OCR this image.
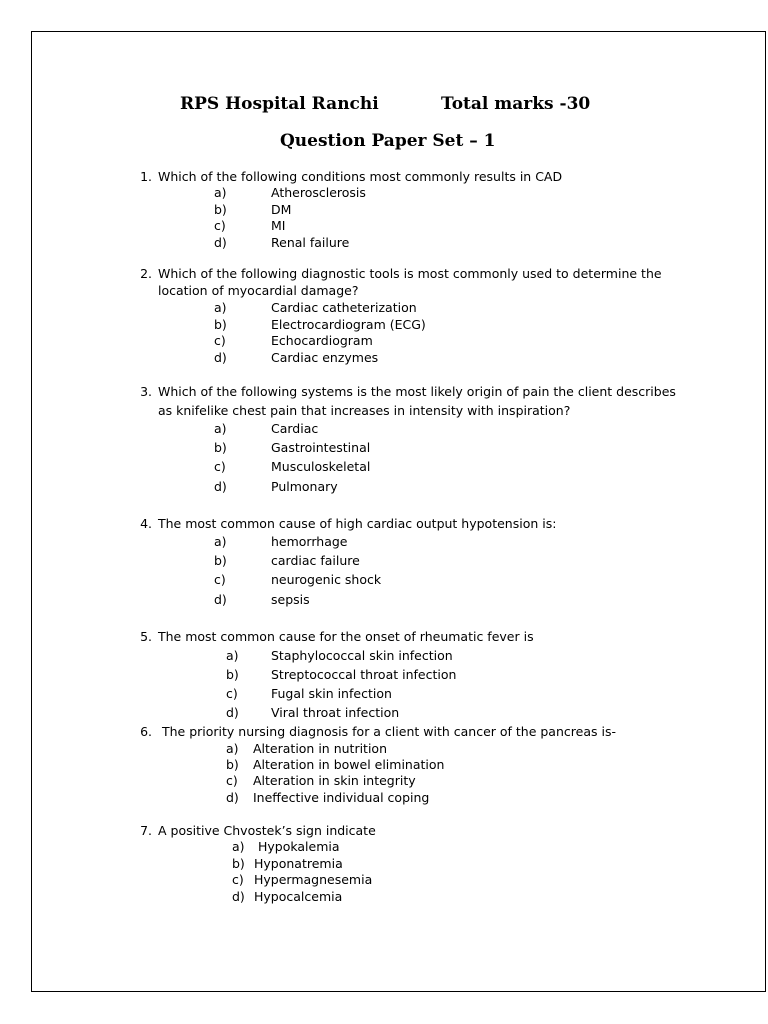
RPS Hospital Ranchi	Total marks -30
Question Paper Set – 1
1. Which of the following conditions most commonly results in CAD
a)	Atherosclerosis
b)	DM
c)	MI
d)	Renal failure
2. Which of the following diagnostic tools is most commonly used to determine the location of myocardial damage?
a)	Cardiac catheterization
b)	Electrocardiogram (ECG)
c)	Echocardiogram
d)	Cardiac enzymes
3. Which of the following systems is the most likely origin of pain the client describes as knifelike chest pain that increases in intensity with inspiration?
a)	Cardiac
b)	Gastrointestinal
c)	Musculoskeletal
d)	Pulmonary
4. The most common cause of high cardiac output hypotension is:
a)	hemorrhage
b)	cardiac failure
c)	neurogenic shock
d)	sepsis
5. The most common cause for the onset of rheumatic fever is
a)	Staphylococcal skin infection
b)	Streptococcal throat infection
c)	Fugal skin infection
d)	Viral throat infection
6. The priority nursing diagnosis for a client with cancer of the pancreas is-
a) Alteration in nutrition
b) Alteration in bowel elimination
c) Alteration in skin integrity
d) Ineffective individual coping
7. A positive Chvostek’s sign indicate
a) Hypokalemia
b) Hyponatremia
c) Hypermagnesemia
d) Hypocalcemia
